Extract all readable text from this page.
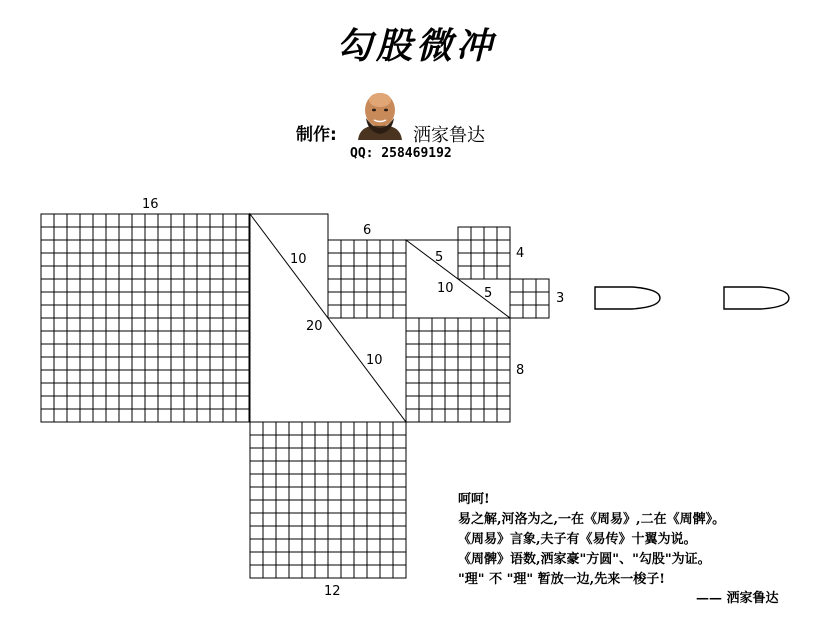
勾股微冲
制作:	洒家鲁达
QQ: 258469192
16
6
4
3
8
12
10
20
10
5
10 5
呵呵!
易之解,河洛为之,一在《周易》,二在《周髀》。
《周易》言象,夫子有《易传》十翼为说。
《周髀》语数,洒家豪"方圆"、"勾股"为证。
"理" 不 "理" 暂放一边,先来一梭子!
—— 洒家鲁达
